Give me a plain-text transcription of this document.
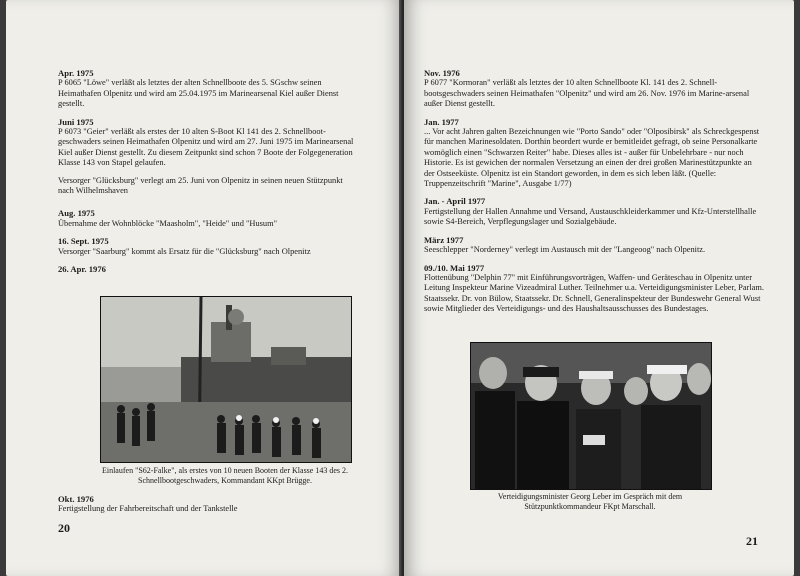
Apr. 1975
P 6065 "Löwe" verläßt als letztes der alten Schnellboote des 5. SGschw seinen Heimathafen Olpenitz und wird am 25.04.1975 im Marinearsenal Kiel außer Dienst gestellt.
Juni 1975
P 6073 "Geier" verläßt als erstes der 10 alten S-Boot Kl 141 des 2. Schnellboot-geschwaders seinen Heimathafen Olpenitz und wird am 27. Juni 1975 im Marinearsenal Kiel außer Dienst gestellt. Zu diesem Zeitpunkt sind schon 7 Boote der Folgegeneration Klasse 143 von Stapel gelaufen.
Versorger "Glücksburg" verlegt am 25. Juni von Olpenitz in seinen neuen Stützpunkt nach Wilhelmshaven
Aug. 1975
Übernahme der Wohnblöcke "Maasholm", "Heide" und "Husum"
16. Sept. 1975
Versorger "Saarburg" kommt als Ersatz für die "Glücksburg" nach Olpenitz
26. Apr. 1976
Einlaufen "S62-Falke", als erstes von 10 neuen Booten der Klasse 143 des 2. Schnellbootgeschwaders, Kommandant KKpt Brügge.
Okt. 1976
Fertigstellung der Fahrbereitschaft und der Tankstelle
20
Nov. 1976
P 6077 "Kormoran" verläßt als letztes der 10 alten Schnellboote Kl. 141 des 2. Schnell-bootsgeschwaders seinen Heimathafen "Olpenitz" und wird am 26. Nov. 1976 im Marine-arsenal außer Dienst gestellt.
Jan. 1977
... Vor acht Jahren galten Bezeichnungen wie "Porto Sando" oder "Olposibirsk" als Schreckgespenst für manchen Marinesoldaten. Dorthin beordert wurde er bemitleidet gefragt, ob seine Personalkarte womöglich einen "Schwarzen Reiter" habe. Dieses alles ist - außer für Unbelehrbare - nur noch Historie. Es ist gewichen der normalen Versetzung an einen der drei großen Marinestützpunkte an der Ostseeküste. Olpenitz ist ein Standort geworden, in dem es sich leben läßt. (Quelle: Truppenzeitschrift "Marine", Ausgabe 1/77)
Jan. - April 1977
Fertigstellung der Hallen Annahme und Versand, Austauschkleiderkammer und Kfz-Unterstellhalle sowie S4-Bereich, Verpflegungslager und Sozialgebäude.
März 1977
Seeschlepper "Norderney" verlegt im Austausch mit der "Langeoog" nach Olpenitz.
09./10. Mai 1977
Flottenübung "Delphin 77" mit Einführungsvorträgen, Waffen- und Geräteschau in Olpenitz unter Leitung Inspekteur Marine Vizeadmiral Luther. Teilnehmer u.a. Verteidigungsminister Leber, Parlam. Staatssekr. Dr. von Bülow, Staatssekr. Dr. Schnell, Generalinspekteur der Bundeswehr General Wust sowie Mitglieder des Verteidigungs- und des Haushaltsausschusses des Bundestages.
Verteidigungsminister Georg Leber im Gespräch mit dem Stützpunktkommandeur FKpt Marschall.
21
